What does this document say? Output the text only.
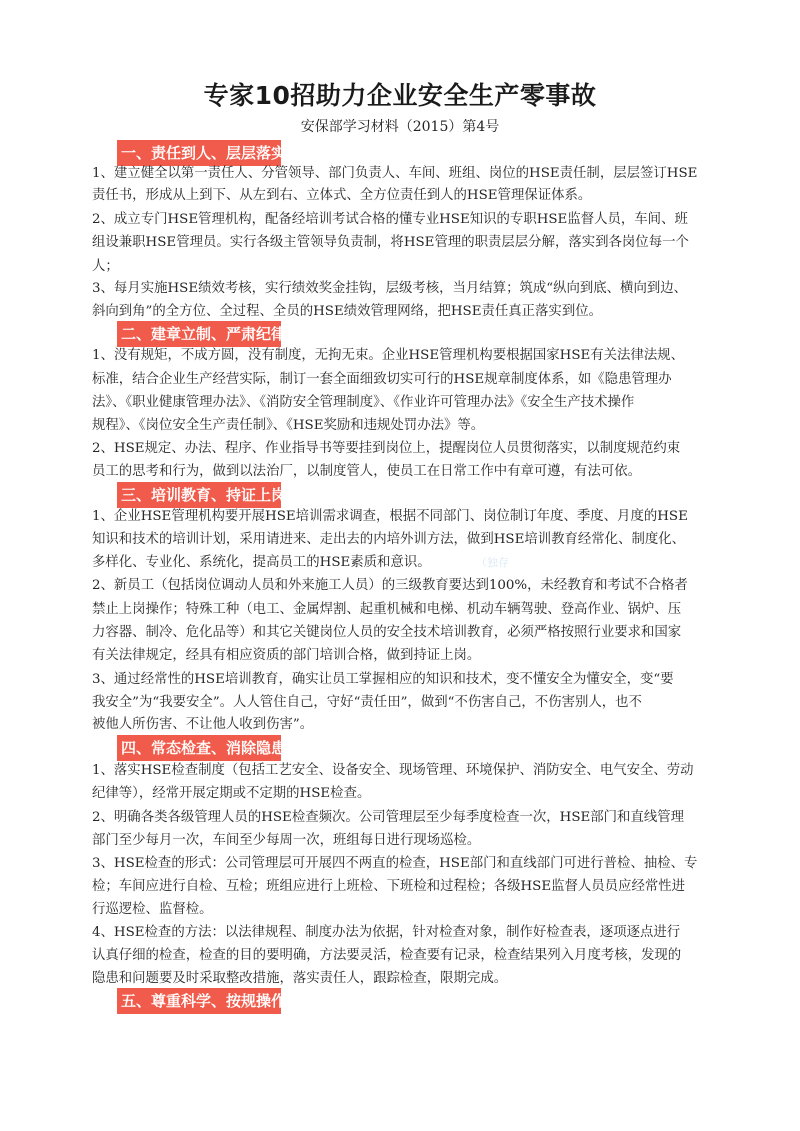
专家10招助力企业安全生产零事故
安保部学习材料（2015）第4号
一、责任到人、层层落实
1、建立健全以第一责任人、分管领导、部门负责人、车间、班组、岗位的HSE责任制，层层签订HSE
责任书，形成从上到下、从左到右、立体式、全方位责任到人的HSE管理保证体系。
2、成立专门HSE管理机构，配备经培训考试合格的懂专业HSE知识的专职HSE监督人员，车间、班
组设兼职HSE管理员。实行各级主管领导负责制，将HSE管理的职责层层分解，落实到各岗位每一个
人；
3、每月实施HSE绩效考核，实行绩效奖金挂钩，层级考核，当月结算；筑成“纵向到底、横向到边、
斜向到角”的全方位、全过程、全员的HSE绩效管理网络，把HSE责任真正落实到位。
二、建章立制、严肃纪律
1、没有规矩，不成方圆，没有制度，无拘无束。企业HSE管理机构要根据国家HSE有关法律法规、
标准，结合企业生产经营实际，制订一套全面细致切实可行的HSE规章制度体系，如《隐患管理办
法》、《职业健康管理办法》、《消防安全管理制度》、《作业许可管理办法》《安全生产技术操作
规程》、《岗位安全生产责任制》、《HSE奖励和违规处罚办法》等。
2、HSE规定、办法、程序、作业指导书等要挂到岗位上，提醒岗位人员贯彻落实，以制度规范约束
员工的思考和行为，做到以法治厂，以制度管人，使员工在日常工作中有章可遵，有法可依。
三、培训教育、持证上岗
1、企业HSE管理机构要开展HSE培训需求调查，根据不同部门、岗位制订年度、季度、月度的HSE
知识和技术的培训计划，采用请进来、走出去的内培外训方法，做到HSE培训教育经常化、制度化、
多样化、专业化、系统化，提高员工的HSE素质和意识。	（独存
2、新员工（包括岗位调动人员和外来施工人员）的三级教育要达到100%，未经教育和考试不合格者
禁止上岗操作；特殊工种（电工、金属焊割、起重机械和电梯、机动车辆驾驶、登高作业、锅炉、压
力容器、制冷、危化品等）和其它关键岗位人员的安全技术培训教育，必须严格按照行业要求和国家
有关法律规定，经具有相应资质的部门培训合格，做到持证上岗。
3、通过经常性的HSE培训教育，确实让员工掌握相应的知识和技术，变不懂安全为懂安全，变“要
我安全”为“我要安全”。人人管住自己，守好“责任田”，做到“不伤害自己，不伤害别人，也不
被他人所伤害、不让他人收到伤害”。
四、常态检查、消除隐患
1、落实HSE检查制度（包括工艺安全、设备安全、现场管理、环境保护、消防安全、电气安全、劳动
纪律等），经常开展定期或不定期的HSE检查。
2、明确各类各级管理人员的HSE检查频次。公司管理层至少每季度检查一次，HSE部门和直线管理
部门至少每月一次，车间至少每周一次，班组每日进行现场巡检。
3、HSE检查的形式：公司管理层可开展四不两直的检查，HSE部门和直线部门可进行普检、抽检、专
检；车间应进行自检、互检；班组应进行上班检、下班检和过程检；各级HSE监督人员员应经常性进
行巡逻检、监督检。
4、HSE检查的方法：以法律规程、制度办法为依据，针对检查对象，制作好检查表，逐项逐点进行
认真仔细的检查，检查的目的要明确，方法要灵活，检查要有记录，检查结果列入月度考核，发现的
隐患和问题要及时采取整改措施，落实责任人，跟踪检查，限期完成。
五、尊重科学、按规操作
